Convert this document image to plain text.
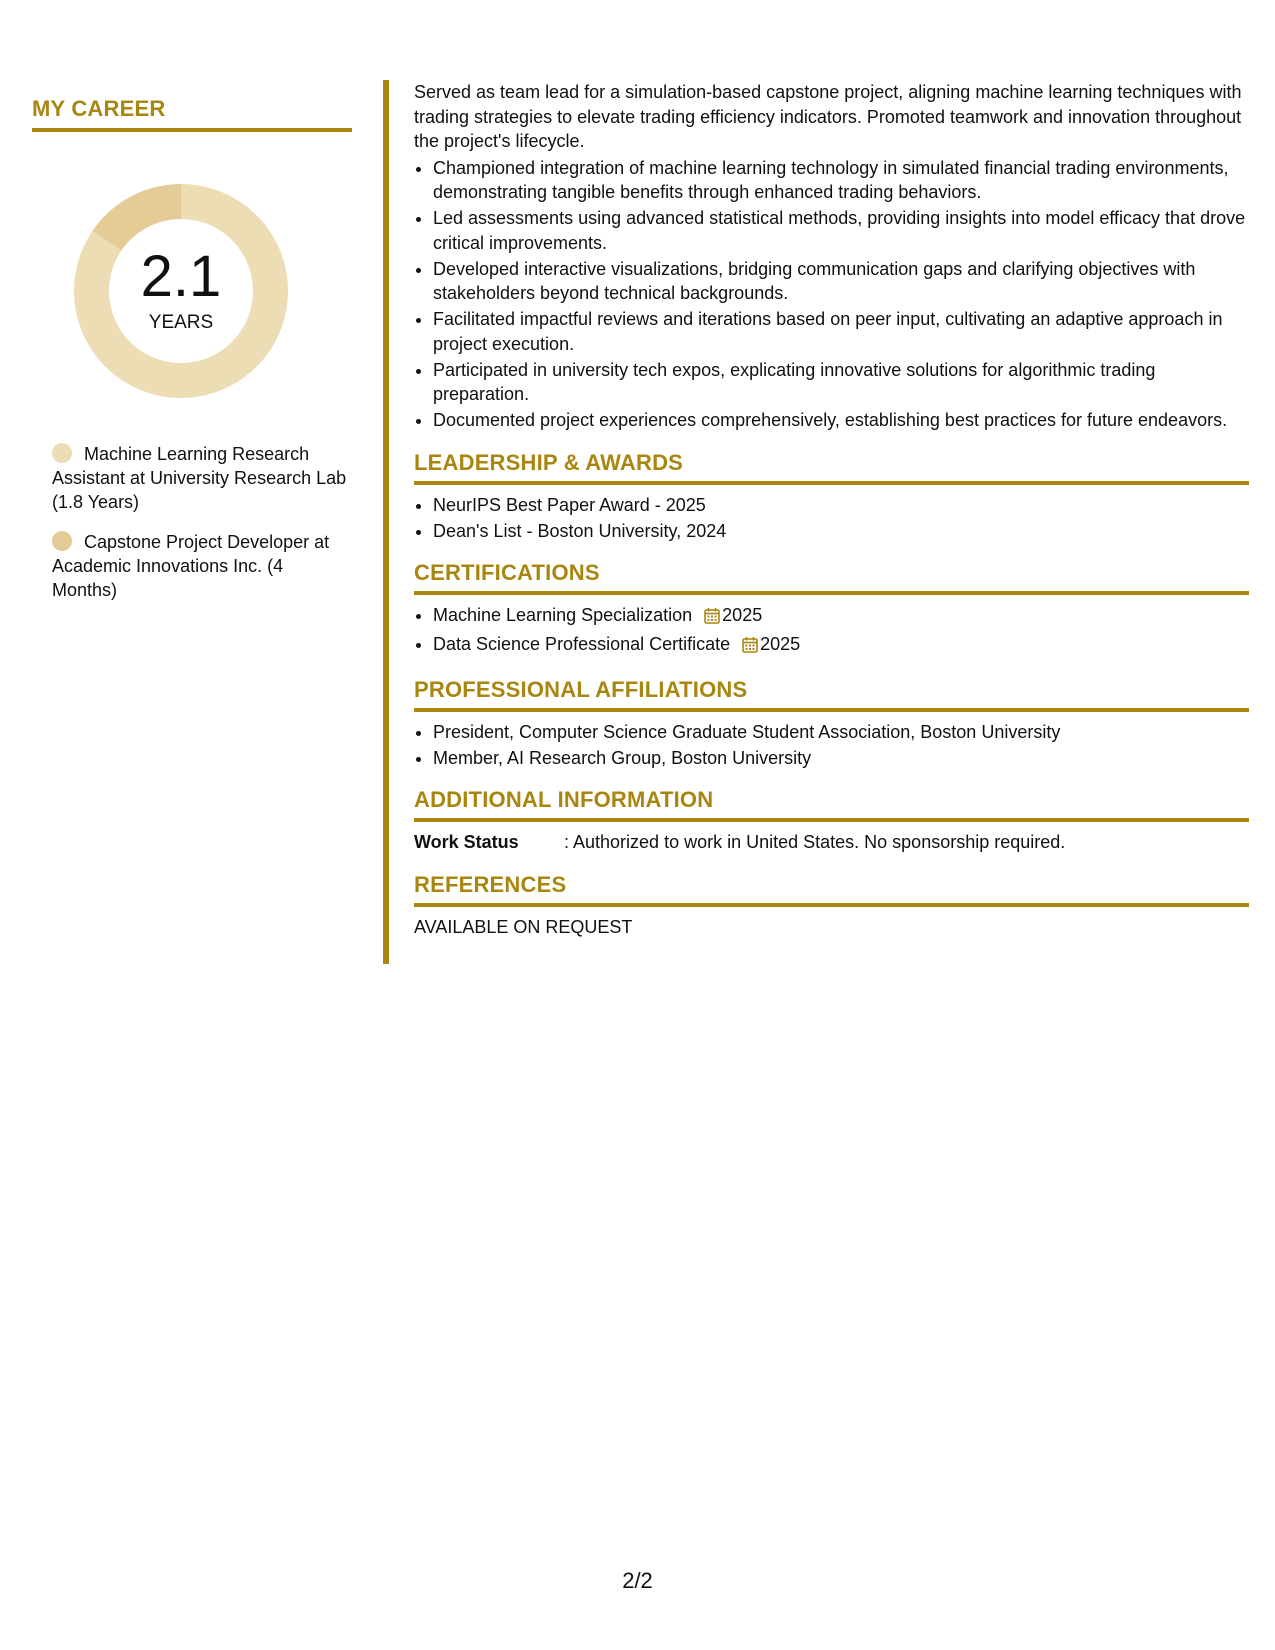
MY CAREER
2.1
YEARS
Machine Learning Research Assistant at University Research Lab (1.8 Years)
Capstone Project Developer at Academic Innovations Inc. (4 Months)

Served as team lead for a simulation-based capstone project, aligning machine learning techniques with trading strategies to elevate trading efficiency indicators. Promoted teamwork and innovation throughout the project's lifecycle.

• Championed integration of machine learning technology in simulated financial trading environments, demonstrating tangible benefits through enhanced trading behaviors.
• Led assessments using advanced statistical methods, providing insights into model efficacy that drove critical improvements.
• Developed interactive visualizations, bridging communication gaps and clarifying objectives with stakeholders beyond technical backgrounds.
• Facilitated impactful reviews and iterations based on peer input, cultivating an adaptive approach in project execution.
• Participated in university tech expos, explicating innovative solutions for algorithmic trading preparation.
• Documented project experiences comprehensively, establishing best practices for future endeavors.
LEADERSHIP & AWARDS
• NeurIPS Best Paper Award - 2025
• Dean's List - Boston University, 2024
CERTIFICATIONS
• Machine Learning Specialization 2025
• Data Science Professional Certificate 2025
PROFESSIONAL AFFILIATIONS
• President, Computer Science Graduate Student Association, Boston University
• Member, AI Research Group, Boston University
ADDITIONAL INFORMATION
Work Status	: Authorized to work in United States. No sponsorship required.
REFERENCES
AVAILABLE ON REQUEST
2/2
